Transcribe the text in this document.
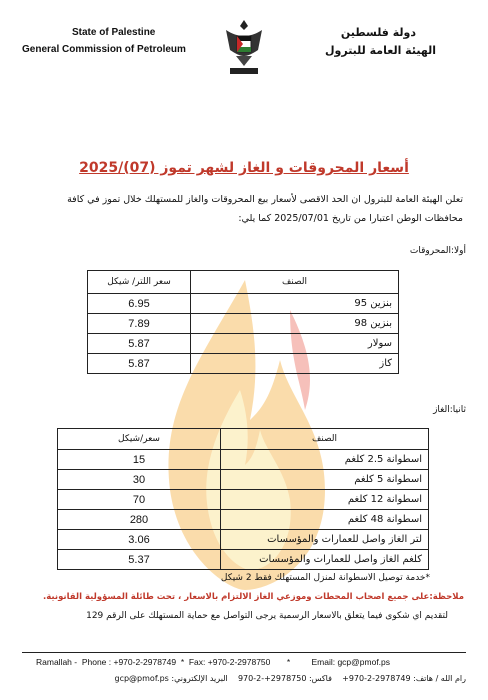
State of Palestine
General Commission of Petroleum
دولة فلسطين
الهيئة العامة للبترول
أسعار المحروقات و الغاز لشهر تموز (07)/2025
تعلن الهيئة العامة للبترول ان الحد الاقصى لأسعار بيع المحروقات والغاز للمستهلك خلال تموز في كافة
محافظات الوطن اعتبارا من تاريخ 2025/07/01 كما يلي:
أولا:المحروقات
سعر اللتر/ شيكل	الصنف
6.95	بنزين 95
7.89	بنزين 98
5.87	سولار
5.87	كاز
ثانيا:الغاز
سعر/شيكل	الصنف
15	اسطوانة 2.5 كلغم
30	اسطوانة 5 كلغم
70	اسطوانة 12 كلغم
280	اسطوانة 48 كلغم
3.06	لتر الغاز واصل للعمارات والمؤسسات
5.37	كلغم الغاز واصل للعمارات والمؤسسات
*خدمة توصيل الاسطوانة لمنزل المستهلك فقط 2 شيكل
ملاحظة:على جميع اصحاب المحطات وموزعي الغاز الالتزام بالاسعار ، تحت طائلة المسؤولية القانونية.
لتقديم اي شكوى فيما يتعلق بالاسعار الرسمية يرجى التواصل مع حماية المستهلك على الرقم 129
Ramallah -  Phone : +970-2-2978749  *  Fax: +970-2-2978750       *         Email: gcp@pmof.ps
رام الله / هاتف: 2978749-2-970+    فاكس: 2978750+-2-970    البريد الإلكتروني: gcp@pmof.ps
